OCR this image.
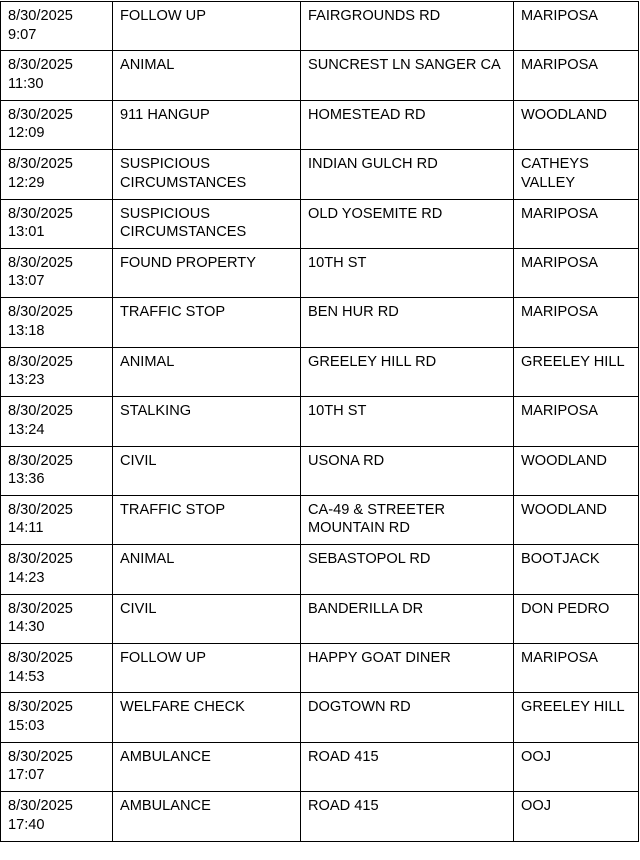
8/30/2025
9:07	FOLLOW UP	FAIRGROUNDS RD	MARIPOSA

8/30/2025
11:30	ANIMAL	SUNCREST LN SANGER CA	MARIPOSA

8/30/2025
12:09	911 HANGUP	HOMESTEAD RD	WOODLAND

8/30/2025
12:29	SUSPICIOUS
CIRCUMSTANCES	INDIAN GULCH RD	CATHEYS
VALLEY

8/30/2025
13:01	SUSPICIOUS
CIRCUMSTANCES	OLD YOSEMITE RD	MARIPOSA

8/30/2025
13:07	FOUND PROPERTY	10TH ST	MARIPOSA

8/30/2025
13:18	TRAFFIC STOP	BEN HUR RD	MARIPOSA

8/30/2025
13:23	ANIMAL	GREELEY HILL RD	GREELEY HILL

8/30/2025
13:24	STALKING	10TH ST	MARIPOSA

8/30/2025
13:36	CIVIL	USONA RD	WOODLAND

8/30/2025
14:11	TRAFFIC STOP	CA-49 & STREETER
MOUNTAIN RD	WOODLAND

8/30/2025
14:23	ANIMAL	SEBASTOPOL RD	BOOTJACK

8/30/2025
14:30	CIVIL	BANDERILLA DR	DON PEDRO

8/30/2025
14:53	FOLLOW UP	HAPPY GOAT DINER	MARIPOSA

8/30/2025
15:03	WELFARE CHECK	DOGTOWN RD	GREELEY HILL

8/30/2025
17:07	AMBULANCE	ROAD 415	OOJ

8/30/2025
17:40	AMBULANCE	ROAD 415	OOJ
